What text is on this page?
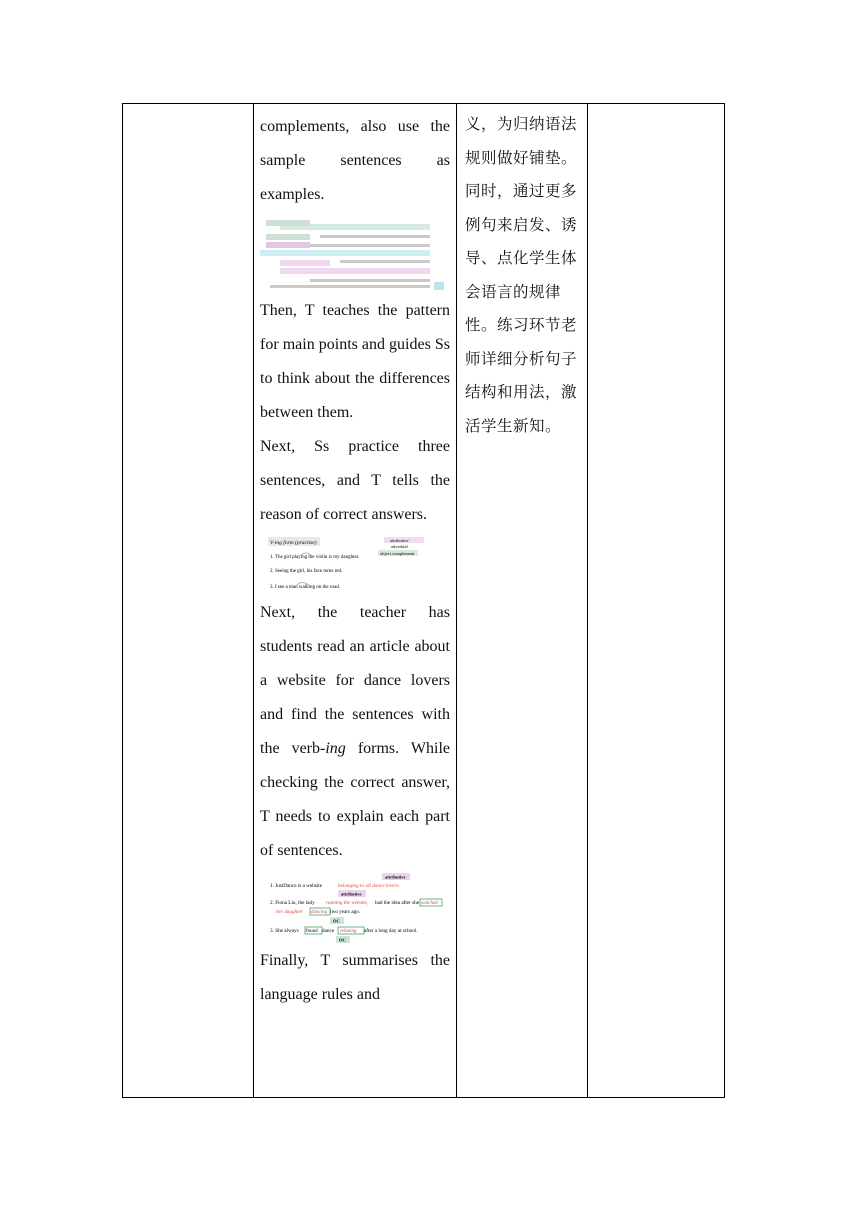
complements, also use the sample sentences as examples.

Then, T teaches the pattern for main points and guides Ss to think about the differences between them.

Next, Ss practice three sentences, and T tells the reason of correct answers.

V-ing form (practise)
1. The girl playing the violin is my daughter.
2. Seeing the girl, his face turns red.
3. I see a man walking on the road.
attributive
adverbial
object complement

Next, the teacher has students read an article about a website for dance lovers and find the sentences with the verb-ing forms. While checking the correct answer, T needs to explain each part of sentences.

attributive
1. JustDance is a website	belonging to all dance lovers.
attributive
2. Fiona Liu, the lady running the website, had the idea after she watched
her daughter dancing two years ago.
OC
3. She always found dance relaxing after a long day at school.
OC

Finally, T summarises the language rules and

义，为归纳语法规则做好铺垫。同时，通过更多例句来启发、诱导、点化学生体会语言的规律性。练习环节老师详细分析句子结构和用法，激活学生新知。
